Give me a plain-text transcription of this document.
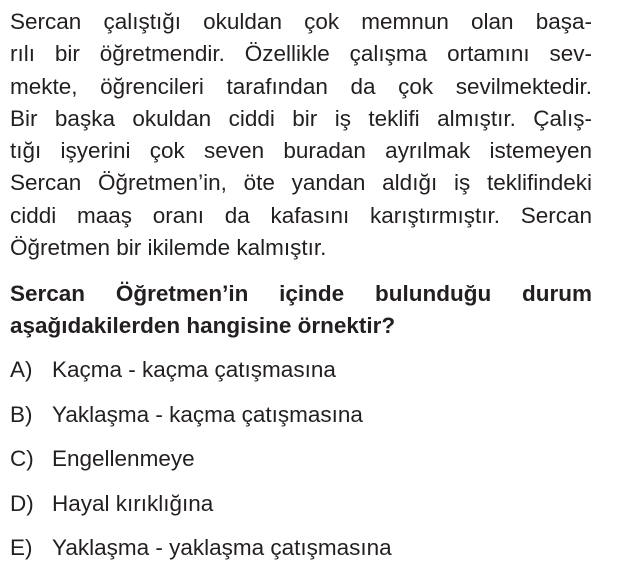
Sercan çalıştığı okuldan çok memnun olan başa-
rılı bir öğretmendir. Özellikle çalışma ortamını sev-
mekte, öğrencileri tarafından da çok sevilmektedir.
Bir başka okuldan ciddi bir iş teklifi almıştır. Çalış-
tığı işyerini çok seven buradan ayrılmak istemeyen
Sercan Öğretmen’in, öte yandan aldığı iş teklifindeki
ciddi maaş oranı da kafasını karıştırmıştır. Sercan
Öğretmen bir ikilemde kalmıştır.
Sercan Öğretmen’in içinde bulunduğu durum
aşağıdakilerden hangisine örnektir?
A) Kaçma - kaçma çatışmasına
B) Yaklaşma - kaçma çatışmasına
C) Engellenmeye
D) Hayal kırıklığına
E) Yaklaşma - yaklaşma çatışmasına
